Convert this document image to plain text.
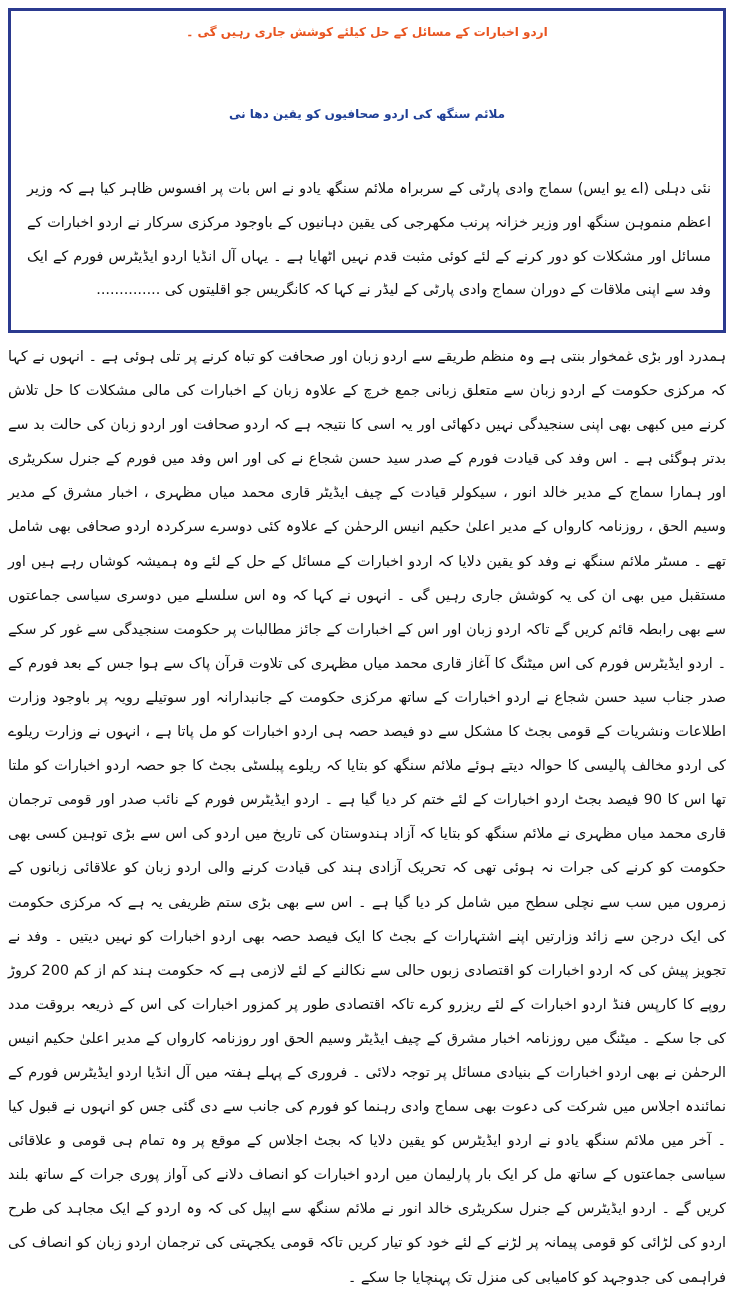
اردو اخبارات کے مسائل کے حل کیلئے کوشش جاری رہیں گی ۔
ملائم سنگھ کی اردو صحافیوں کو یقین دھا نی

نئی دہلی (اے یو ایس) سماج وادی پارٹی کے سربراہ ملائم سنگھ یادو نے اس بات پر افسوس ظاہر کیا ہے کہ وزیر اعظم منموہن سنگھ اور وزیر خزانہ پرنب مکھرجی کی یقین دہانیوں کے باوجود مرکزی سرکار نے اردو اخبارات کے مسائل اور مشکلات کو دور کرنے کے لئے کوئی مثبت قدم نہیں اٹھایا ہے ۔ یہاں آل انڈیا اردو ایڈیٹرس فورم کے ایک وفد سے اپنی ملاقات کے دوران سماج وادی پارٹی کے لیڈر نے کہا کہ کانگریس جو اقلیتوں کی ..............

ہمدرد اور بڑی غمخوار بنتی ہے وہ منظم طریقے سے اردو زبان اور صحافت کو تباہ کرنے پر تلی ہوئی ہے ۔ انہوں نے کہا کہ مرکزی حکومت کے اردو زبان سے متعلق زبانی جمع خرچ کے علاوہ زبان کے اخبارات کی مالی مشکلات کا حل تلاش کرنے میں کبھی بھی اپنی سنجیدگی نہیں دکھائی اور یہ اسی کا نتیجہ ہے کہ اردو صحافت اور اردو زبان کی حالت بد سے بدتر ہوگئی ہے ۔ اس وفد کی قیادت فورم کے صدر سید حسن شجاع نے کی اور اس وفد میں فورم کے جنرل سکریٹری اور ہمارا سماج کے مدیر خالد انور ، سیکولر قیادت کے چیف ایڈیٹر قاری محمد میاں مظہری ، اخبار مشرق کے مدیر وسیم الحق ، روزنامہ کارواں کے مدیر اعلیٰ حکیم انیس الرحمٰن کے علاوہ کئی دوسرے سرکردہ اردو صحافی بھی شامل تھے ۔ مسٹر ملائم سنگھ نے وفد کو یقین دلایا کہ اردو اخبارات کے مسائل کے حل کے لئے وہ ہمیشہ کوشاں رہے ہیں اور مستقبل میں بھی ان کی یہ کوشش جاری رہیں گی ۔ انہوں نے کہا کہ وہ اس سلسلے میں دوسری سیاسی جماعتوں سے بھی رابطہ قائم کریں گے تاکہ اردو زبان اور اس کے اخبارات کے جائز مطالبات پر حکومت سنجیدگی سے غور کر سکے ۔ اردو ایڈیٹرس فورم کی اس میٹنگ کا آغاز قاری محمد میاں مظہری کی تلاوت قرآن پاک سے ہوا جس کے بعد فورم کے صدر جناب سید حسن شجاع نے اردو اخبارات کے ساتھ مرکزی حکومت کے جانبدارانہ اور سوتیلے رویہ پر باوجود وزارت اطلاعات ونشریات کے قومی بجٹ کا مشکل سے دو فیصد حصہ ہی اردو اخبارات کو مل پاتا ہے ، انہوں نے وزارت ریلوے کی اردو مخالف پالیسی کا حوالہ دیتے ہوئے ملائم سنگھ کو بتایا کہ ریلوے پبلسٹی بجٹ کا جو حصہ اردو اخبارات کو ملتا تھا اس کا 90 فیصد بجٹ اردو اخبارات کے لئے ختم کر دیا گیا ہے ۔ اردو ایڈیٹرس فورم کے نائب صدر اور قومی ترجمان قاری محمد میاں مظہری نے ملائم سنگھ کو بتایا کہ آزاد ہندوستان کی تاریخ میں اردو کی اس سے بڑی توہین کسی بھی حکومت کو کرنے کی جرات نہ ہوئی تھی کہ تحریک آزادی ہند کی قیادت کرنے والی اردو زبان کو علاقائی زبانوں کے زمروں میں سب سے نچلی سطح میں شامل کر دیا گیا ہے ۔ اس سے بھی بڑی ستم ظریفی یہ ہے کہ مرکزی حکومت کی ایک درجن سے زائد وزارتیں اپنے اشتہارات کے بجٹ کا ایک فیصد حصہ بھی اردو اخبارات کو نہیں دیتیں ۔ وفد نے تجویز پیش کی کہ اردو اخبارات کو اقتصادی زبوں حالی سے نکالنے کے لئے لازمی ہے کہ حکومت ہند کم از کم 200 کروڑ روپے کا کارپس فنڈ اردو اخبارات کے لئے ریزرو کرے تاکہ اقتصادی طور پر کمزور اخبارات کی اس کے ذریعہ بروقت مدد کی جا سکے ۔ میٹنگ میں روزنامہ اخبار مشرق کے چیف ایڈیٹر وسیم الحق اور روزنامہ کارواں کے مدیر اعلیٰ حکیم انیس الرحمٰن نے بھی اردو اخبارات کے بنیادی مسائل پر توجہ دلائی ۔ فروری کے پہلے ہفتہ میں آل انڈیا اردو ایڈیٹرس فورم کے نمائندہ اجلاس میں شرکت کی دعوت بھی سماج وادی رہنما کو فورم کی جانب سے دی گئی جس کو انہوں نے قبول کیا ۔ آخر میں ملائم سنگھ یادو نے اردو ایڈیٹرس کو یقین دلایا کہ بجٹ اجلاس کے موقع پر وہ تمام ہی قومی و علاقائی سیاسی جماعتوں کے ساتھ مل کر ایک بار پارلیمان میں اردو اخبارات کو انصاف دلانے کی آواز پوری جرات کے ساتھ بلند کریں گے ۔ اردو ایڈیٹرس کے جنرل سکریٹری خالد انور نے ملائم سنگھ سے اپیل کی کہ وہ اردو کے ایک مجاہد کی طرح اردو کی لڑائی کو قومی پیمانہ پر لڑنے کے لئے خود کو تیار کریں تاکہ قومی یکجہتی کی ترجمان اردو زبان کو انصاف کی فراہمی کی جدوجہد کو کامیابی کی منزل تک پہنچایا جا سکے ۔
